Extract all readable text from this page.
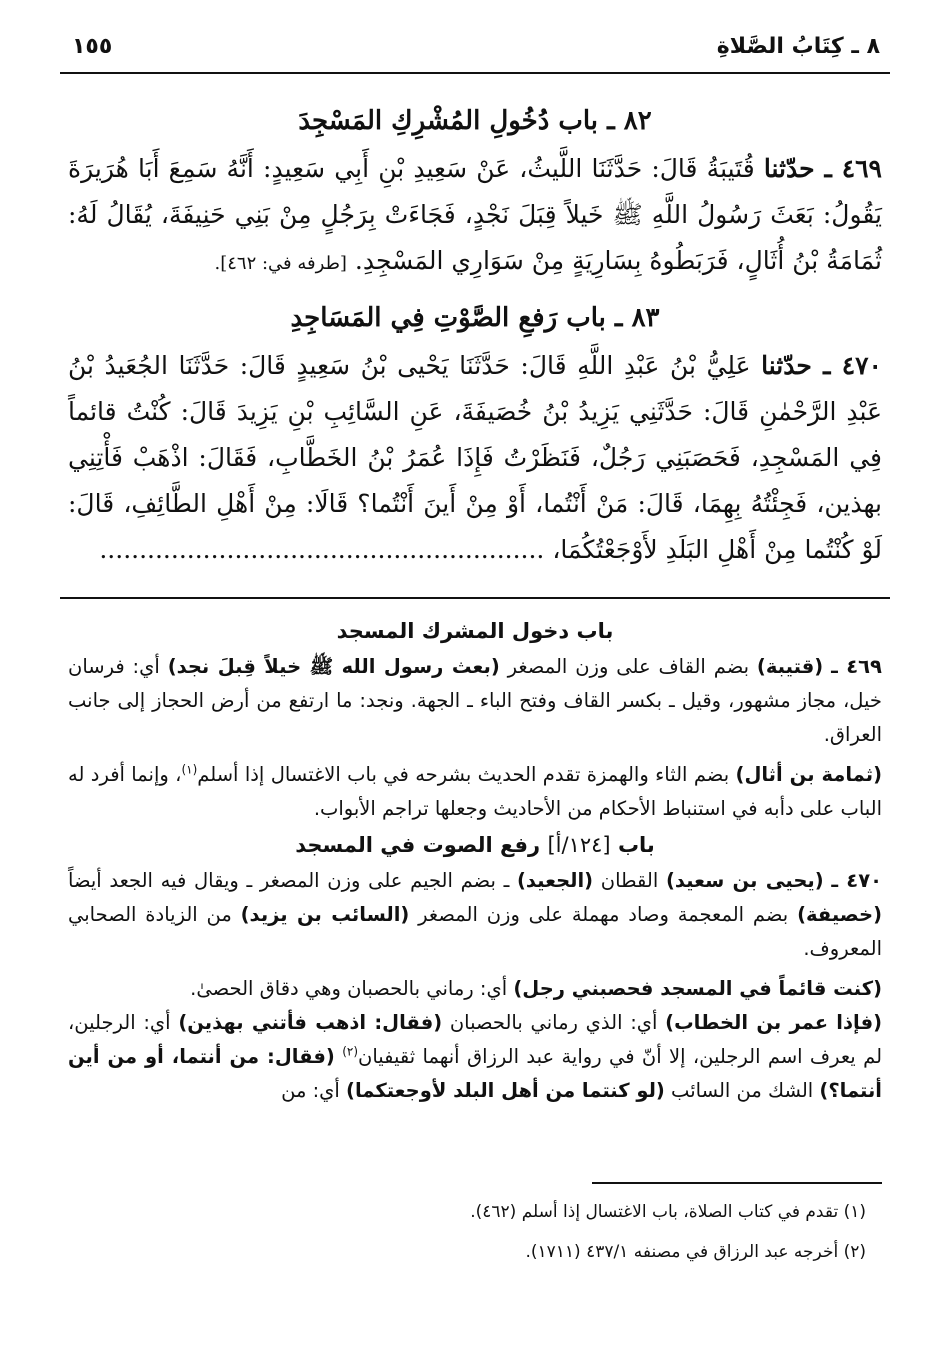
٨ ـ كِتَابُ الصَّلاةِ
١٥٥

٨٢ ـ باب دُخُولِ المُشْرِكِ المَسْجِدَ

٤٦٩ ـ حدّثنا قُتَيبَةُ قَالَ: حَدَّثَنَا اللَّيثُ، عَنْ سَعِيدِ بْنِ أَبِي سَعِيدٍ: أَنَّهُ سَمِعَ أَبَا هُرَيرَةَ يَقُولُ: بَعَثَ رَسُولُ اللَّهِ ﷺ خَيلاً قِبَلَ نَجْدٍ، فَجَاءَتْ بِرَجُلٍ مِنْ بَنِي حَنِيفَةَ، يُقَالُ لَهُ: ثُمَامَةُ بْنُ أُثَالٍ، فَرَبَطُوهُ بِسَارِيَةٍ مِنْ سَوَارِي المَسْجِدِ. [طرفه في: ٤٦٢].

٨٣ ـ باب رَفعِ الصَّوْتِ فِي المَسَاجِدِ

٤٧٠ ـ حدّثنا عَلِيُّ بْنُ عَبْدِ اللَّهِ قَالَ: حَدَّثَنَا يَحْيى بْنُ سَعِيدٍ قَالَ: حَدَّثَنَا الجُعَيدُ بْنُ عَبْدِ الرَّحْمٰنِ قَالَ: حَدَّثَنِي يَزِيدُ بْنُ خُصَيفَةَ، عَنِ السَّائِبِ بْنِ يَزِيدَ قَالَ: كُنْتُ قائماً فِي المَسْجِدِ، فَحَصَبَنِي رَجُلٌ، فَنَظَرْتُ فَإِذَا عُمَرُ بْنُ الخَطَّابِ، فَقَالَ: اذْهَبْ فَأْتِنِي بهذين، فَجِئْتُهُ بِهِمَا، قَالَ: مَنْ أَنْتُما، أَوْ مِنْ أَينَ أَنْتُما؟ قَالَا: مِنْ أَهْلِ الطَّائِفِ، قَالَ: لَوْ كُنْتُما مِنْ أَهْلِ البَلَدِ لأَوْجَعْتُكُمَا، ........................................................

باب دخول المشرك المسجد

٤٦٩ ـ (قتيبة) بضم القاف على وزن المصغر (بعث رسول الله ﷺ خيلاً قِبلَ نجد) أي: فرسان خيل، مجاز مشهور، وقيل ـ بكسر القاف وفتح الباء ـ الجهة. ونجد: ما ارتفع من أرض الحجاز إلى جانب العراق.

(ثمامة بن أثال) بضم الثاء والهمزة تقدم الحديث بشرحه في باب الاغتسال إذا أسلم$^{(١)}$، وإنما أفرد له الباب على دأبه في استنباط الأحكام من الأحاديث وجعلها تراجم الأبواب.

باب [١٢٤/أ] رفع الصوت في المسجد

٤٧٠ ـ (يحيى بن سعيد) القطان (الجعيد) ـ بضم الجيم على وزن المصغر ـ ويقال فيه الجعد أيضاً (خصيفة) بضم المعجمة وصاد مهملة على وزن المصغر (السائب بن يزيد) من الزيادة الصحابي المعروف.

(كنت قائماً في المسجد فحصبني رجل) أي: رماني بالحصبان وهي دقاق الحصىٰ.

(فإذا عمر بن الخطاب) أي: الذي رماني بالحصبان (فقال: اذهب فأتني بهذين) أي: الرجلين، لم يعرف اسم الرجلين، إلا أنّ في رواية عبد الرزاق أنهما ثقيفيان$^{(٢)}$ (فقال: من أنتما، أو من أين أنتما؟) الشك من السائب (لو كنتما من أهل البلد لأوجعتكما) أي: من

(١) تقدم في كتاب الصلاة، باب الاغتسال إذا أسلم (٤٦٢).
(٢) أخرجه عبد الرزاق في مصنفه ٤٣٧/١ (١٧١١).
